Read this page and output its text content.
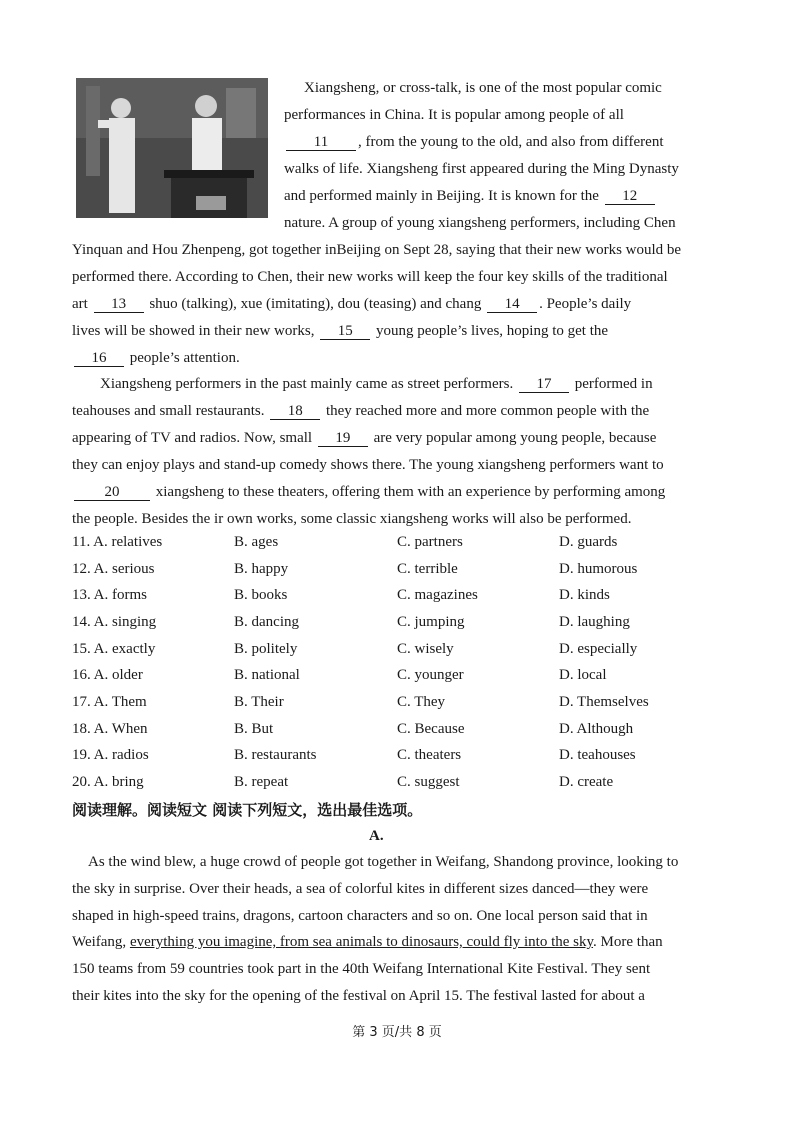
Xiangsheng, or cross-talk, is one of the most popular comic
performances in China. It is popular among people of all
11 , from the young to the old, and also from different
walks of life. Xiangsheng first appeared during the Ming Dynasty
and performed mainly in Beijing. It is known for the 12
nature. A group of young xiangsheng performers, including Chen
Yinquan and Hou Zhenpeng, got together inBeijing on Sept 28, saying that their new works would be
performed there. According to Chen, their new works will keep the four key skills of the traditional
art 13 shuo (talking), xue (imitating), dou (teasing) and chang 14 . People’s daily
lives will be showed in their new works, 15 young people’s lives, hoping to get the
16 people’s attention.
Xiangsheng performers in the past mainly came as street performers. 17 performed in
teahouses and small restaurants. 18 they reached more and more common people with the
appearing of TV and radios. Now, small 19 are very popular among young people, because
they can enjoy plays and stand-up comedy shows there. The young xiangsheng performers want to
20 xiangsheng to these theaters, offering them with an experience by performing among
the people. Besides the ir own works, some classic xiangsheng works will also be performed.
11. A. relatives	B. ages	C. partners	D. guards
12. A. serious	B. happy	C. terrible	D. humorous
13. A. forms	B. books	C. magazines	D. kinds
14. A. singing	B. dancing	C. jumping	D. laughing
15. A. exactly	B. politely	C. wisely	D. especially
16. A. older	B. national	C. younger	D. local
17. A. Them	B. Their	C. They	D. Themselves
18. A. When	B. But	C. Because	D. Although
19. A. radios	B. restaurants	C. theaters	D. teahouses
20. A. bring	B. repeat	C. suggest	D. create
阅读理解。阅读短文 阅读下列短文，选出最佳选项。
A.
As the wind blew, a huge crowd of people got together in Weifang, Shandong province, looking to
the sky in surprise. Over their heads, a sea of colorful kites in different sizes danced—they were
shaped in high-speed trains, dragons, cartoon characters and so on. One local person said that in
Weifang, everything you imagine, from sea animals to dinosaurs, could fly into the sky. More than
150 teams from 59 countries took part in the 40th Weifang International Kite Festival. They sent
their kites into the sky for the opening of the festival on April 15. The festival lasted for about a
第 3 页/共 8 页
